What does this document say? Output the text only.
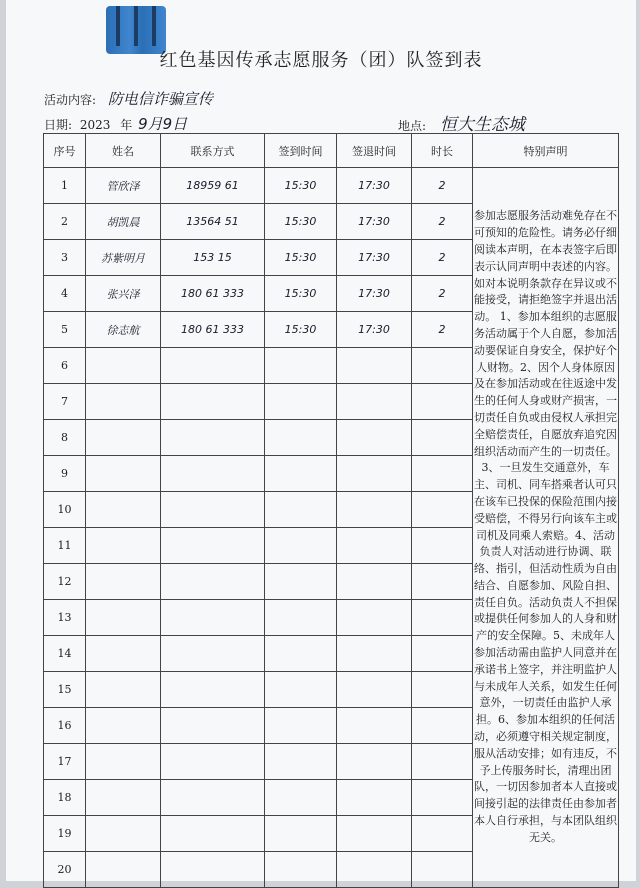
红色基因传承志愿服务（团）队签到表
活动内容: 防电信诈骗宣传
日期: 2023 年 9月9日	地点: 恒大生态城
序号	姓名	联系方式	签到时间	签退时间	时长	特别声明
1	管欣泽	18959 61	15:30	17:30	2	参加志愿服务活动难免存在不可预知的危险性。请务必仔细阅读本声明，在本表签字后即表示认同声明中表述的内容。如对本说明条款存在异议或不能接受，请拒绝签字并退出活动。 1、参加本组织的志愿服务活动属于个人自愿，参加活动要保证自身安全，保护好个人财物。2、因个人身体原因及在参加活动或在往返途中发生的任何人身或财产损害，一切责任自负或由侵权人承担完全赔偿责任，自愿放弃追究因组织活动而产生的一切责任。3、一旦发生交通意外，车主、司机、同车搭乘者认可只在该车已投保的保险范围内接受赔偿，不得另行向该车主或司机及同乘人索赔。4、活动负责人对活动进行协调、联络、指引，但活动性质为自由结合、自愿参加、风险自担、责任自负。活动负责人不担保或提供任何参加人的人身和财产的安全保障。5、未成年人参加活动需由监护人同意并在承诺书上签字，并注明监护人与未成年人关系，如发生任何意外，一切责任由监护人承担。6、参加本组织的任何活动，必须遵守相关规定制度，服从活动安排；如有违反，不予上传服务时长，清理出团队，一切因参加者本人直接或间接引起的法律责任由参加者本人自行承担，与本团队组织无关。
2	胡凯晨	13564 51	15:30	17:30	2	
3	苏紫明月	153 15	15:30	17:30	2	
4	张兴泽	180 61 333	15:30	17:30	2	
5	徐志航	180 61 333	15:30	17:30	2	
6						
7						
8						
9						
10						
11						
12						
13						
14						
15						
16						
17						
18						
19						
20						
